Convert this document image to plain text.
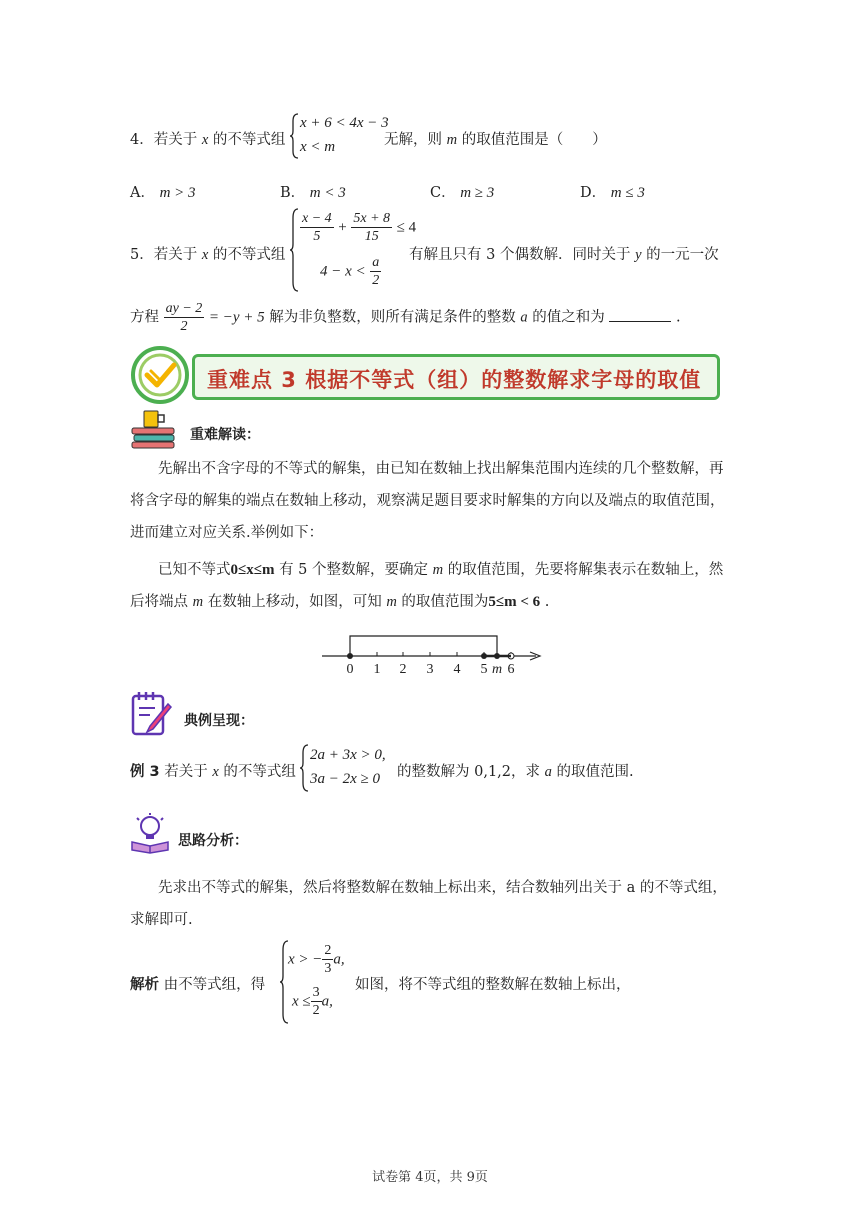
4．若关于 x 的不等式组
x + 6 < 4x − 3
x < m	无解，则 m 的取值范围是（　　）
A． m > 3	B． m < 3	C． m ≥ 3	D． m ≤ 3
5．若关于 x 的不等式组
$\frac{x - 4}{5} + \frac{5x + 8}{15} \le 4$
$4 - x < \frac{a}{2}$ 有解且只有 3 个偶数解．同时关于 y 的一元一次
方程 $\frac{ay - 2}{2} = -y + 5$ 解为非负整数，则所有满足条件的整数 a 的值之和为	.
重难点 3 根据不等式（组）的整数解求字母的取值
重难解读：
先解出不含字母的不等式的解集，由已知在数轴上找出解集范围内连续的几个整数解，再将含字母的解集的端点在数轴上移动，观察满足题目要求时解集的方向以及端点的取值范围，进而建立对应关系.举例如下：
已知不等式0≤x≤m 有 5 个整数解，要确定 m 的取值范围，先要将解集表示在数轴上，然后将端点 m 在数轴上移动，如图，可知 m 的取值范围为5≤m < 6 .
0 1 2 3 4 5 m 6
典例呈现：
例 3 若关于 x 的不等式组
2a + 3x > 0,
3a − 2x ≥ 0 的整数解为 0,1,2，求 a 的取值范围.
思路分析：
先求出不等式的解集，然后将整数解在数轴上标出来，结合数轴列出关于 a 的不等式组，求解即可.
解析 由不等式组，得
x > − $\frac{2}{3} a$,
$x \le \frac{3}{2} a$,
如图，将不等式组的整数解在数轴上标出，
试卷第 4页，共 9页
